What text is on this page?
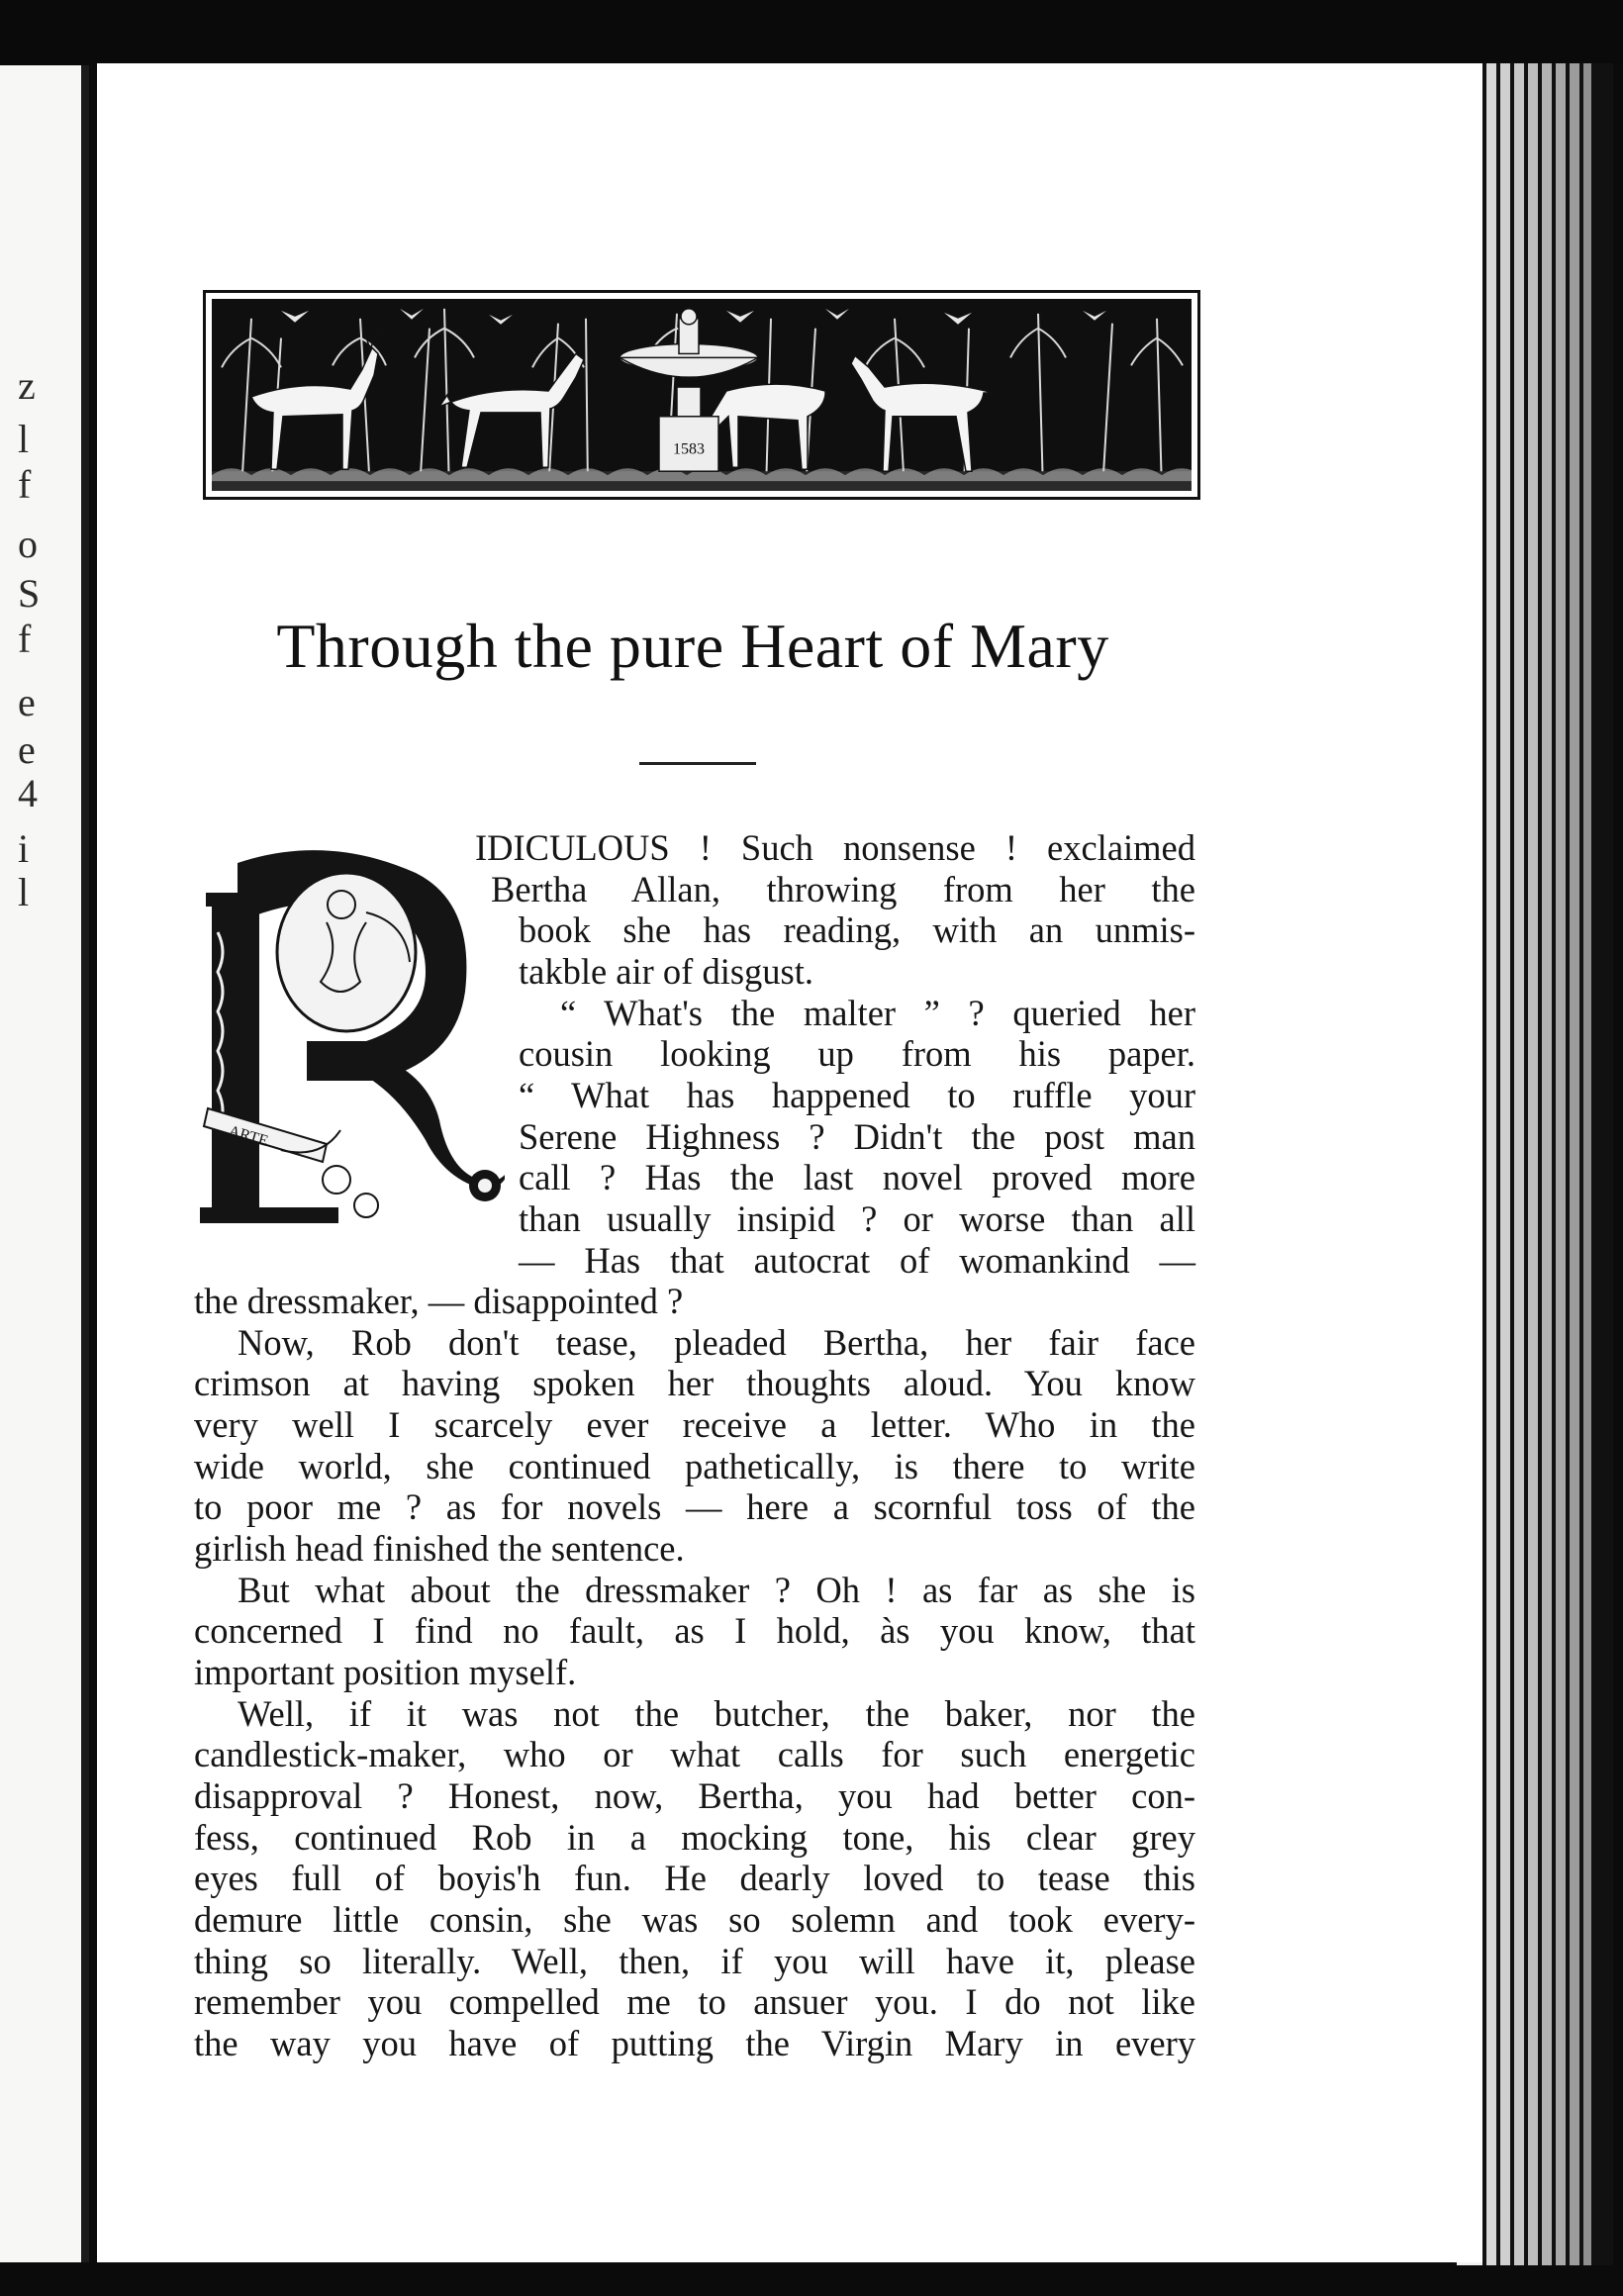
z
l
f
o
S
f
e
e
4
i
l
1583
Through the pure Heart of Mary
ARTE
IDICULOUS ! Such nonsense ! exclaimed
Bertha Allan, throwing from her the
book she has reading, with an unmis-
takble air of disgust.
“ What's the malter ” ? queried her
cousin looking up from his paper.
“ What has happened to ruffle your
Serene Highness ? Didn't the post man
call ? Has the last novel proved more
than usually insipid ? or worse than all
— Has that autocrat of womankind —
the dressmaker, — disappointed ?
Now, Rob don't tease, pleaded Bertha, her fair face
crimson at having spoken her thoughts aloud. You know
very well I scarcely ever receive a letter. Who in the
wide world, she continued pathetically, is there to write
to poor me ? as for novels — here a scornful toss of the
girlish head finished the sentence.
But what about the dressmaker ? Oh ! as far as she is
concerned I find no fault, as I hold, às you know, that
important position myself.
Well, if it was not the butcher, the baker, nor the
candlestick-maker, who or what calls for such energetic
disapproval ? Honest, now, Bertha, you had better con-
fess, continued Rob in a mocking tone, his clear grey
eyes full of boyis'h fun. He dearly loved to tease this
demure little consin, she was so solemn and took every-
thing so literally. Well, then, if you will have it, please
remember you compelled me to ansuer you. I do not like
the way you have of putting the Virgin Mary in every
